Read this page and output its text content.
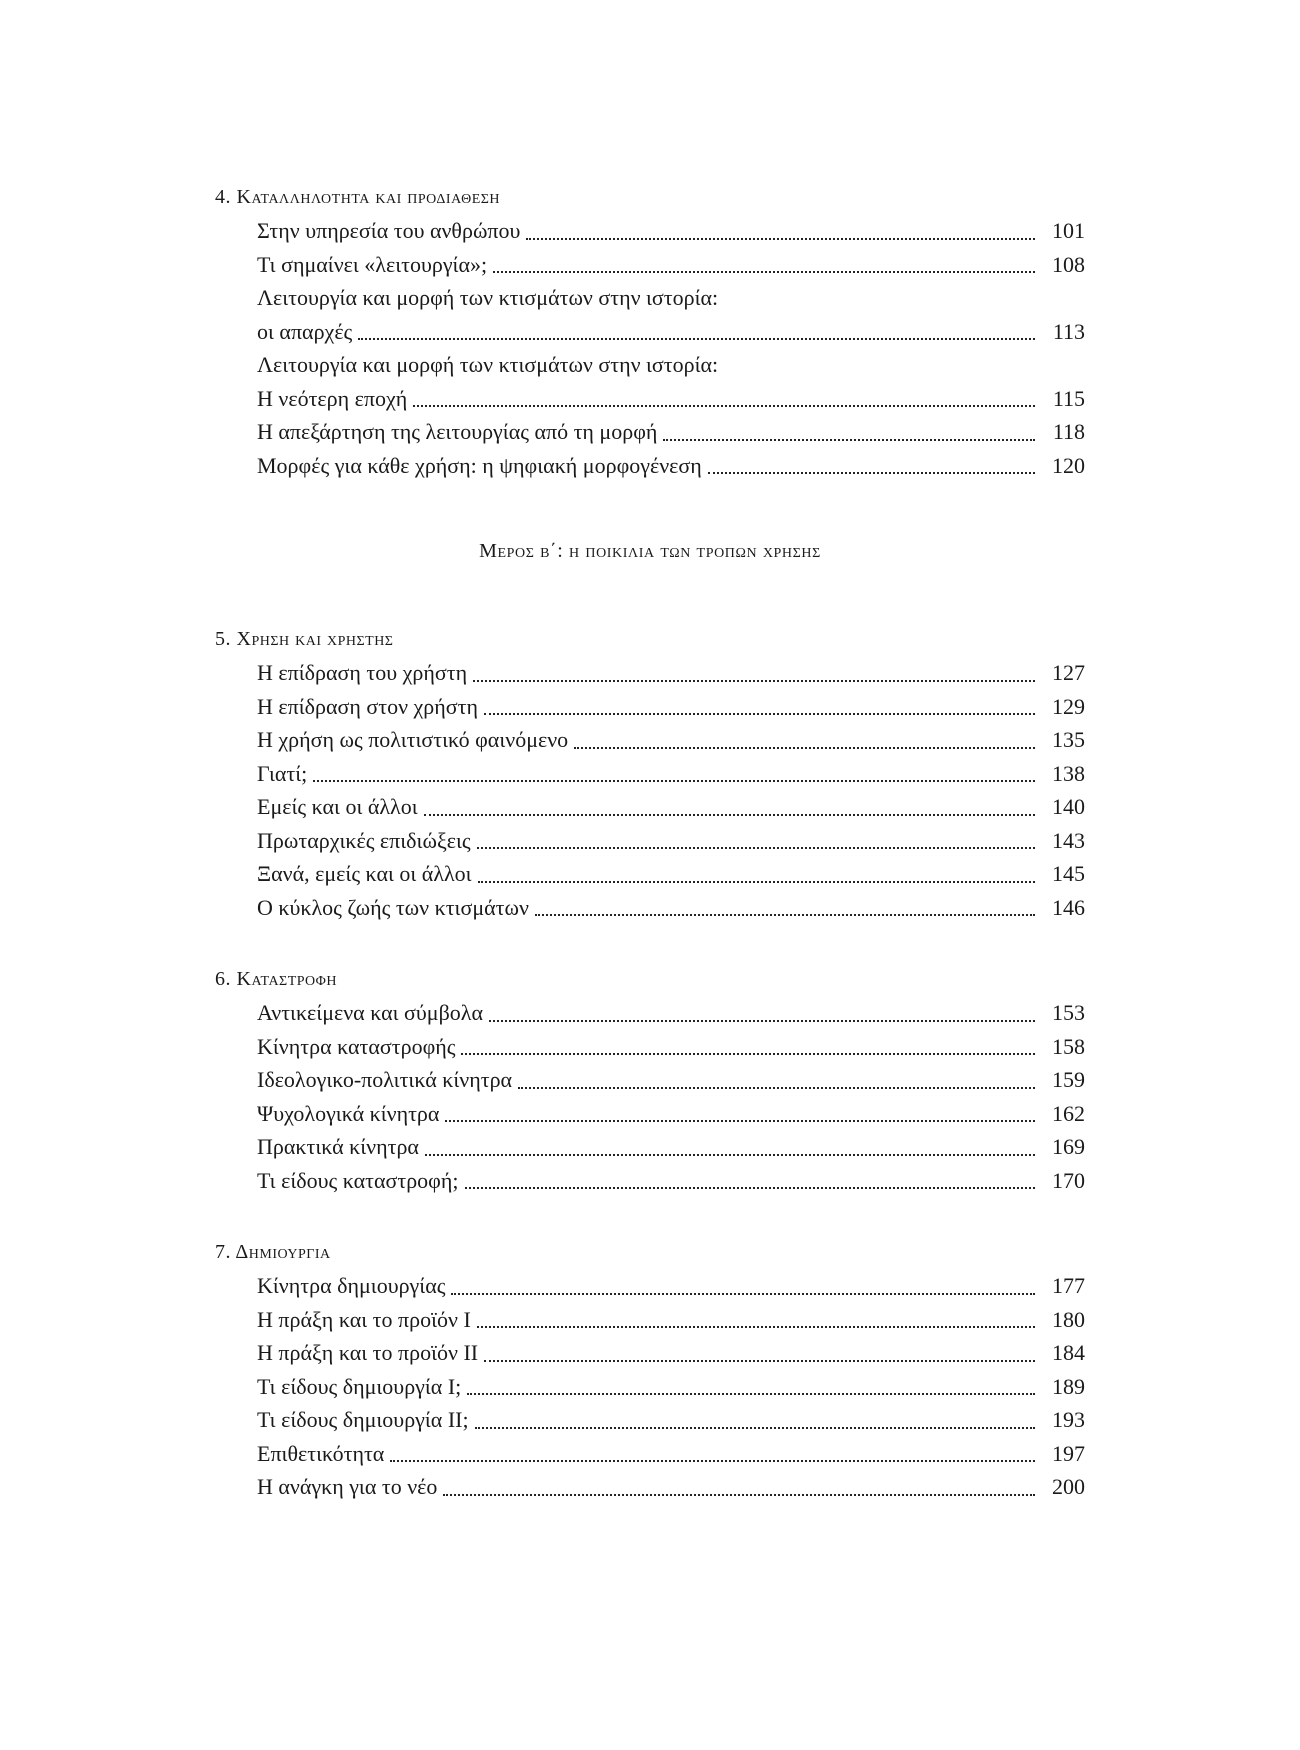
4. Καταλληλοτητα και προδιαθεση
Στην υπηρεσία του ανθρώπου	101
Τι σημαίνει «λειτουργία»;	108
Λειτουργία και μορφή των κτισμάτων στην ιστορία:
οι απαρχές	113
Λειτουργία και μορφή των κτισμάτων στην ιστορία:
Η νεότερη εποχή	115
Η απεξάρτηση της λειτουργίας από τη μορφή	118
Μορφές για κάθε χρήση: η ψηφιακή μορφογένεση	120
Μερος β΄: η ποικιλια των τροπων χρησης
5. Χρηση και χρηστης
Η επίδραση του χρήστη	127
Η επίδραση στον χρήστη	129
Η χρήση ως πολιτιστικό φαινόμενο	135
Γιατί;	138
Εμείς και οι άλλοι	140
Πρωταρχικές επιδιώξεις	143
Ξανά, εμείς και οι άλλοι	145
Ο κύκλος ζωής των κτισμάτων	146
6. Καταστροφη
Αντικείμενα και σύμβολα	153
Κίνητρα καταστροφής	158
Ιδεολογικο-πολιτικά κίνητρα	159
Ψυχολογικά κίνητρα	162
Πρακτικά κίνητρα	169
Τι είδους καταστροφή;	170
7. Δημιουργια
Κίνητρα δημιουργίας	177
Η πράξη και το προϊόν Ι	180
Η πράξη και το προϊόν ΙΙ	184
Τι είδους δημιουργία Ι;	189
Τι είδους δημιουργία ΙΙ;	193
Επιθετικότητα	197
Η ανάγκη για το νέο	200
